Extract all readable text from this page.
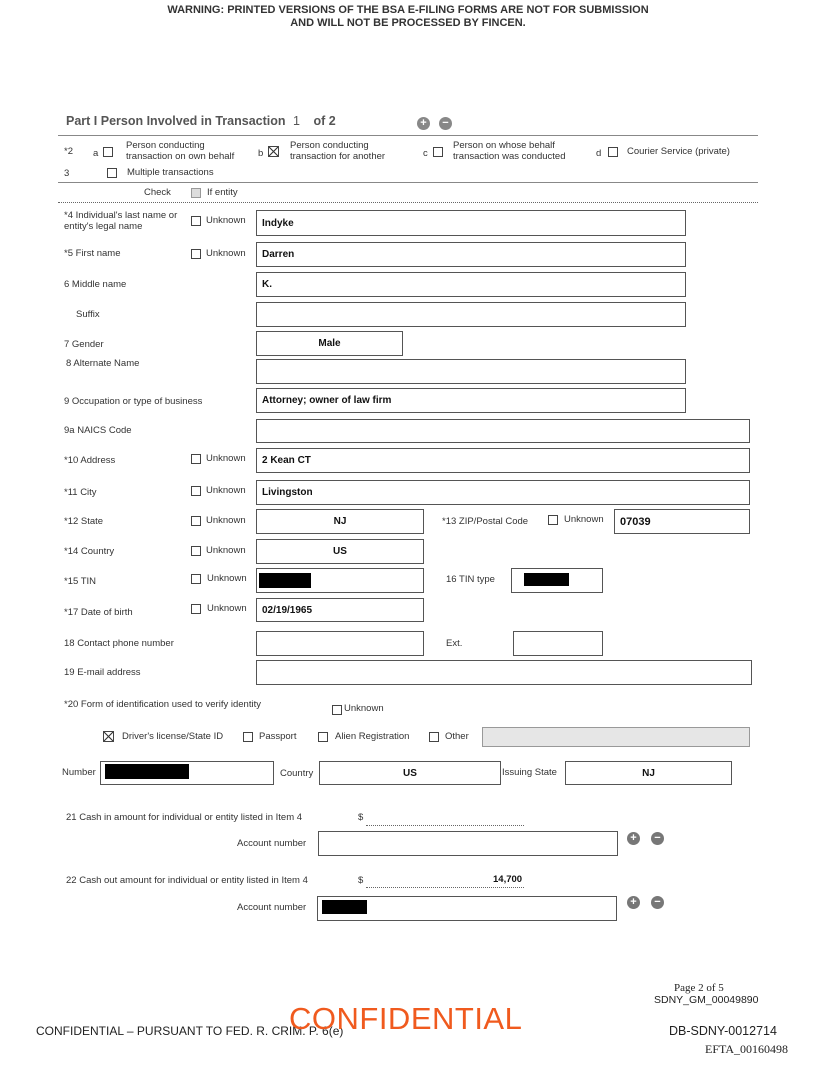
WARNING: PRINTED VERSIONS OF THE BSA E-FILING FORMS ARE NOT FOR SUBMISSION
AND WILL NOT BE PROCESSED BY FINCEN.
Part I Person Involved in Transaction 1 of 2	+ −
*2 a
Person conducting transaction on own behalf	b
Person conducting transaction for another	c
Person on whose behalf transaction was conducted	d	Courier Service (private)
3	Multiple transactions
Check	If entity
*4 Individual's last name or entity's legal name
Unknown	Indyke
*5 First name	Unknown	Darren
6 Middle name	K.
Suffix
7 Gender	Male
8 Alternate Name
9 Occupation or type of business	Attorney; owner of law firm
9a NAICS Code
*10 Address	Unknown	2 Kean CT
*11 City	Unknown	Livingston
*12 State	Unknown	NJ	*13 ZIP/Postal Code	Unknown	07039
*14 Country	Unknown	US
*15 TIN	Unknown	16 TIN type
*17 Date of birth	Unknown	02/19/1965
18 Contact phone number	Ext.
19 E-mail address
*20 Form of identification used to verify identity	Unknown
Driver's license/State ID	Passport	Alien Registration	Other
Number	Country	US	Issuing State	NJ
21 Cash in amount for individual or entity listed in Item 4	$
Account number	+ −
22 Cash out amount for individual or entity listed in Item 4	$	14,700
Account number	+ −
Page 2 of 5
SDNY_GM_00049890
CONFIDENTIAL – PURSUANT TO FED. R. CRIM. P. 6(e)
CONFIDENTIAL	DB-SDNY-0012714
EFTA_00160498
